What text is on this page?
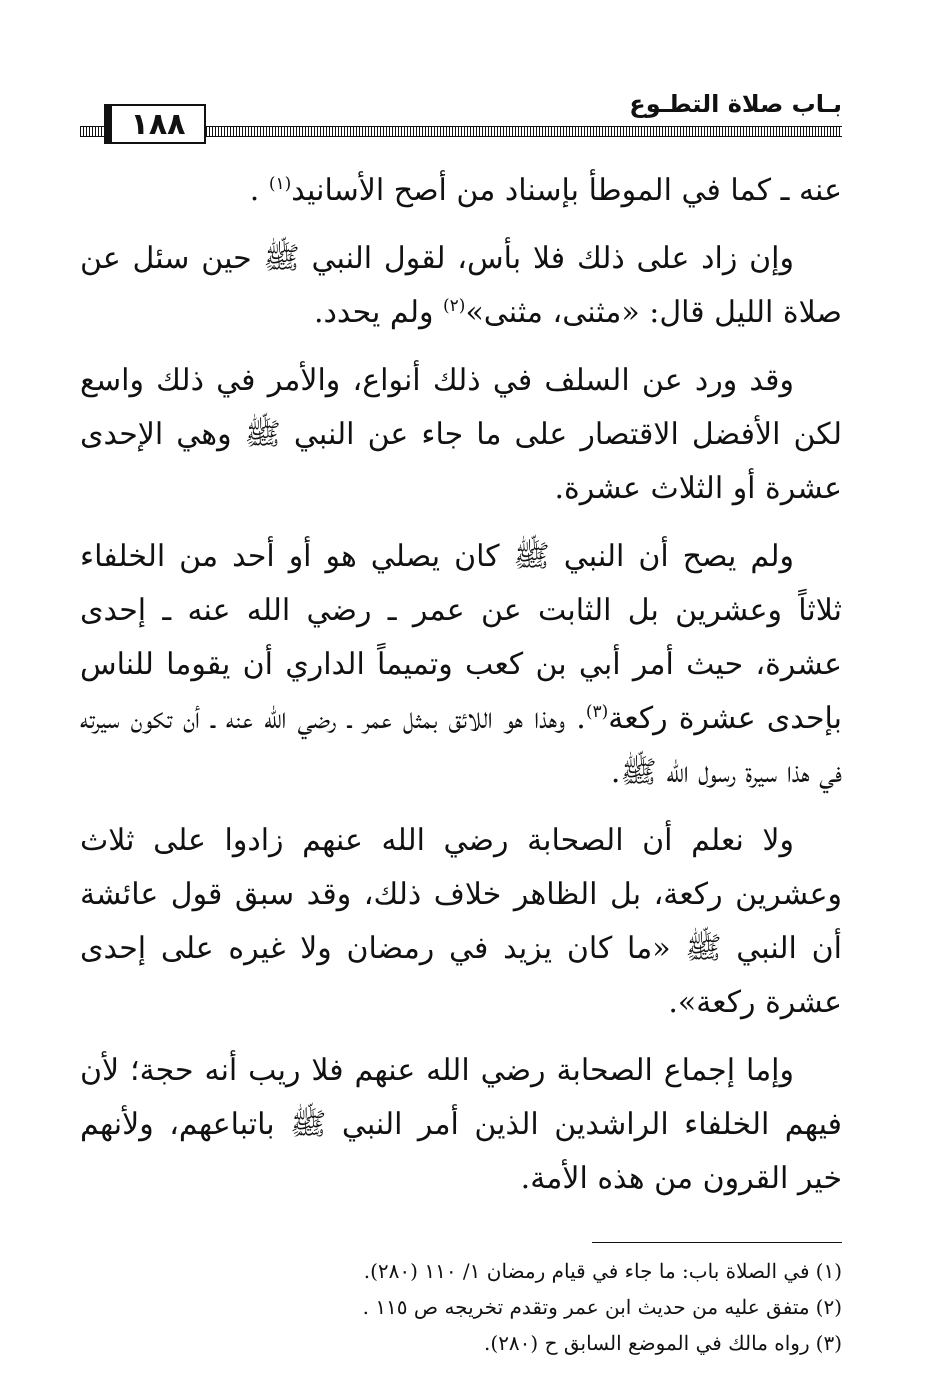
بـاب صلاة التطـوع
١٨٨

عنه ـ كما في الموطأ بإسناد من أصح الأسانيد$^{(١)}$ .

وإن زاد على ذلك فلا بأس، لقول النبي ﷺ حين سئل عن صلاة الليل قال: «مثنى، مثنى»$^{(٢)}$ ولم يحدد.

وقد ورد عن السلف في ذلك أنواع، والأمر في ذلك واسع لكن الأفضل الاقتصار على ما جاء عن النبي ﷺ وهي الإحدى عشرة أو الثلاث عشرة.

ولم يصح أن النبي ﷺ كان يصلي هو أو أحد من الخلفاء ثلاثاً وعشرين بل الثابت عن عمر ـ رضي الله عنه ـ إحدى عشرة، حيث أمر أبي بن كعب وتميماً الداري أن يقوما للناس بإحدى عشرة ركعة$^{(٣)}$. وهذا هو اللائق بمثل عمر ـ رضي الله عنه ـ أن تكون سيرته في هذا سيرة رسول الله ﷺ.

ولا نعلم أن الصحابة رضي الله عنهم زادوا على ثلاث وعشرين ركعة، بل الظاهر خلاف ذلك، وقد سبق قول عائشة أن النبي ﷺ «ما كان يزيد في رمضان ولا غيره على إحدى عشرة ركعة».

وإما إجماع الصحابة رضي الله عنهم فلا ريب أنه حجة؛ لأن فيهم الخلفاء الراشدين الذين أمر النبي ﷺ باتباعهم، ولأنهم خير القرون من هذه الأمة.

(١)في الصلاة باب: ما جاء في قيام رمضان ١/ ١١٠ (٢٨٠).

(٢)متفق عليه من حديث ابن عمر وتقدم تخريجه ص ١١٥ .

(٣)رواه مالك في الموضع السابق ح (٢٨٠).
